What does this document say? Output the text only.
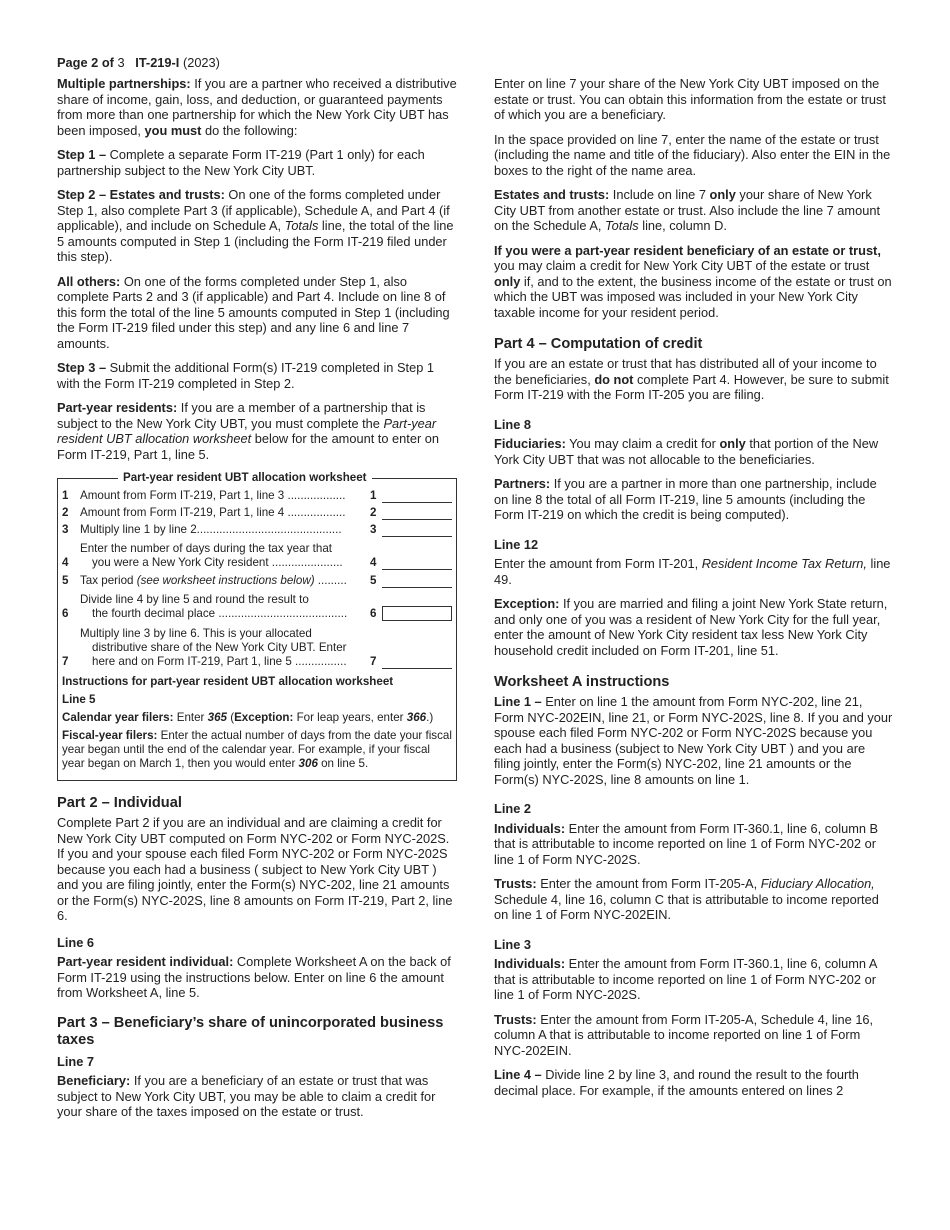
Page 2 of 3 IT-219-I (2023)

Multiple partnerships: If you are a partner who received a distributive share of income, gain, loss, and deduction, or guaranteed payments from more than one partnership for which the New York City UBT has been imposed, you must do the following:

Step 1 – Complete a separate Form IT-219 (Part 1 only) for each partnership subject to the New York City UBT.

Step 2 – Estates and trusts: On one of the forms completed under Step 1, also complete Part 3 (if applicable), Schedule A, and Part 4 (if applicable), and include on Schedule A, Totals line, the total of the line 5 amounts computed in Step 1 (including the Form IT-219 filed under this step).

All others: On one of the forms completed under Step 1, also complete Parts 2 and 3 (if applicable) and Part 4. Include on line 8 of this form the total of the line 5 amounts computed in Step 1 (including the Form IT-219 filed under this step) and any line 6 and line 7 amounts.

Step 3 – Submit the additional Form(s) IT-219 completed in Step 1 with the Form IT-219 completed in Step 2.

Part-year residents: If you are a member of a partnership that is subject to the New York City UBT, you must complete the Part-year resident UBT allocation worksheet below for the amount to enter on Form IT-219, Part 1, line 5.

Part-year resident UBT allocation worksheet
1 Amount from Form IT-219, Part 1, line 3 ..................	1
2 Amount from Form IT-219, Part 1, line 4 ..................	2
3 Multiply line 1 by line 2.............................................	3
4
Enter the number of days during the tax year that
you were a New York City resident ......................	4
5 Tax period (see worksheet instructions below) .........	5
6
Divide line 4 by line 5 and round the result to
the fourth decimal place ........................................	6
7
Multiply line 3 by line 6. This is your allocated
distributive share of the New York City UBT. Enter
here and on Form IT-219, Part 1, line 5 ................	7

Instructions for part-year resident UBT allocation worksheet

Line 5

Calendar year filers: Enter 365 (Exception: For leap years, enter 366.)

Fiscal-year filers: Enter the actual number of days from the date your fiscal year began until the end of the calendar year. For example, if your fiscal year began on March 1, then you would enter 306 on line 5.

Part 2 – Individual

Complete Part 2 if you are an individual and are claiming a credit for New York City UBT computed on Form NYC-202 or Form NYC-202S. If you and your spouse each filed Form NYC-202 or Form NYC-202S because you each had a business ( subject to New York City UBT ) and you are filing jointly, enter the Form(s) NYC-202, line 21 amounts or the Form(s) NYC-202S, line 8 amounts on Form IT-219, Part 2, line 6.

Line 6

Part-year resident individual: Complete Worksheet A on the back of Form IT-219 using the instructions below. Enter on line 6 the amount from Worksheet A, line 5.

Part 3 – Beneficiary’s share of unincorporated business taxes
Line 7

Beneficiary: If you are a beneficiary of an estate or trust that was subject to New York City UBT, you may be able to claim a credit for your share of the taxes imposed on the estate or trust.

Enter on line 7 your share of the New York City UBT imposed on the estate or trust. You can obtain this information from the estate or trust of which you are a beneficiary.

In the space provided on line 7, enter the name of the estate or trust (including the name and title of the fiduciary). Also enter the EIN in the boxes to the right of the name area.

Estates and trusts: Include on line 7 only your share of New York City UBT from another estate or trust. Also include the line 7 amount on the Schedule A, Totals line, column D.

If you were a part-year resident beneficiary of an estate or trust, you may claim a credit for New York City UBT of the estate or trust only if, and to the extent, the business income of the estate or trust on which the UBT was imposed was included in your New York City taxable income for your resident period.

Part 4 – Computation of credit

If you are an estate or trust that has distributed all of your income to the beneficiaries, do not complete Part 4. However, be sure to submit Form IT-219 with the Form IT-205 you are filing.

Line 8

Fiduciaries: You may claim a credit for only that portion of the New York City UBT that was not allocable to the beneficiaries.

Partners: If you are a partner in more than one partnership, include on line 8 the total of all Form IT-219, line 5 amounts (including the Form IT-219 on which the credit is being computed).

Line 12

Enter the amount from Form IT-201, Resident Income Tax Return, line 49.

Exception: If you are married and filing a joint New York State return, and only one of you was a resident of New York City for the full year, enter the amount of New York City resident tax less New York City household credit included on Form IT-201, line 51.

Worksheet A instructions

Line 1 – Enter on line 1 the amount from Form NYC-202, line 21, Form NYC-202EIN, line 21, or Form NYC-202S, line 8. If you and your spouse each filed Form NYC-202 or Form NYC-202S because you each had a business (subject to New York City UBT ) and you are filing jointly, enter the Form(s) NYC-202, line 21 amounts or the Form(s) NYC-202S, line 8 amounts on line 1.

Line 2

Individuals: Enter the amount from Form IT-360.1, line 6, column B that is attributable to income reported on line 1 of Form NYC-202 or line 1 of Form NYC-202S.

Trusts: Enter the amount from Form IT-205-A, Fiduciary Allocation, Schedule 4, line 16, column C that is attributable to income reported on line 1 of Form NYC-202EIN.

Line 3

Individuals: Enter the amount from Form IT-360.1, line 6, column A that is attributable to income reported on line 1 of Form NYC-202 or line 1 of Form NYC-202S.

Trusts: Enter the amount from Form IT-205-A, Schedule 4, line 16, column A that is attributable to income reported on line 1 of Form NYC-202EIN.

Line 4 – Divide line 2 by line 3, and round the result to the fourth decimal place. For example, if the amounts entered on lines 2
